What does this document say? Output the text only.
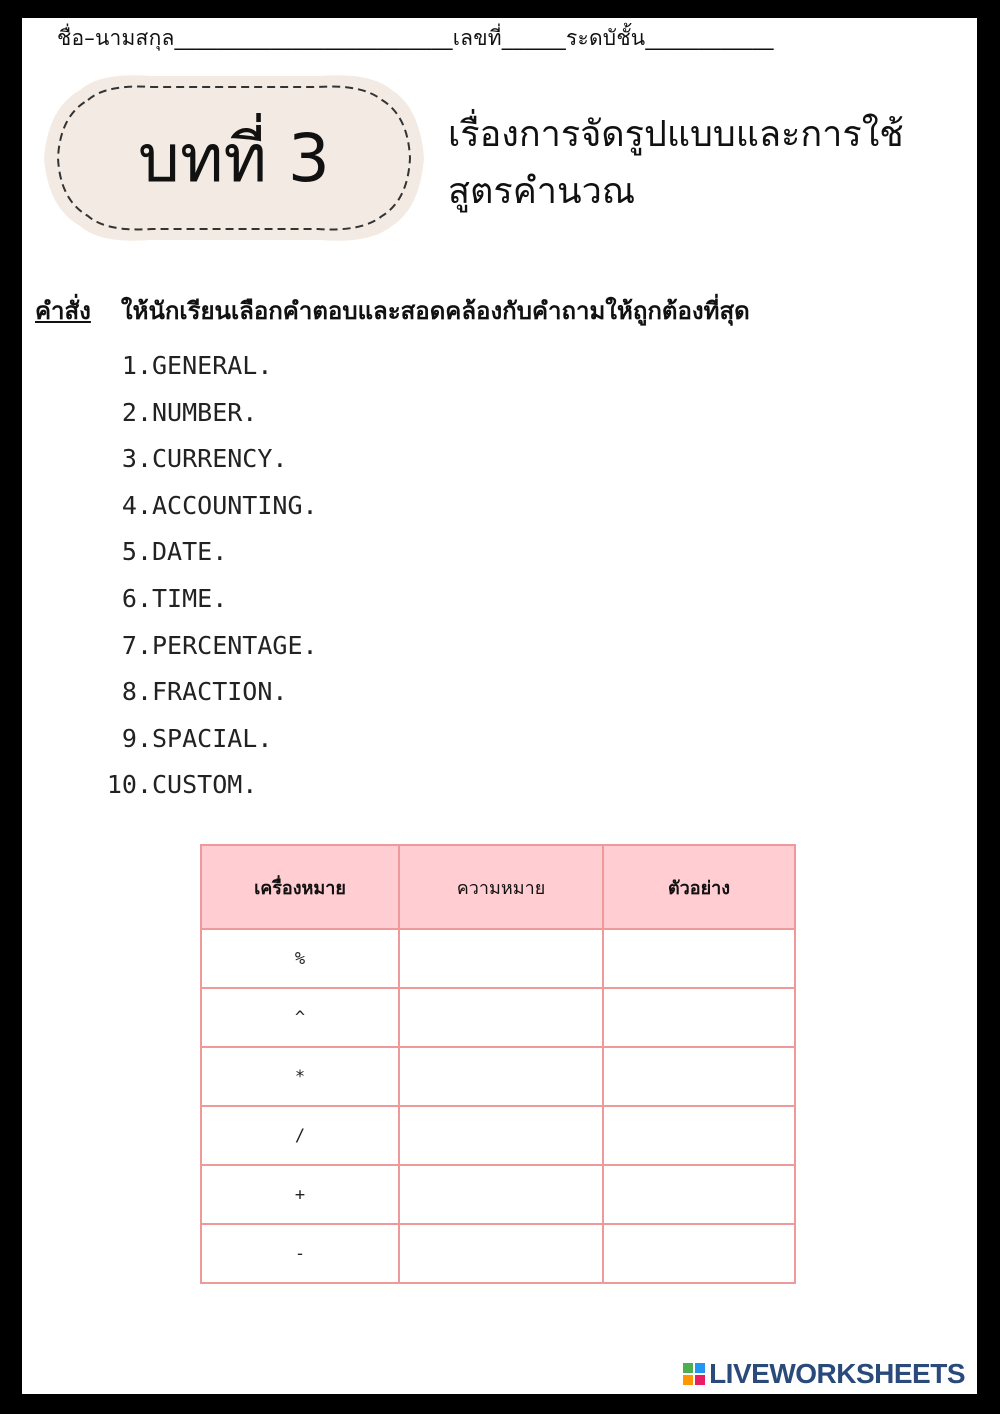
ชื่อ–นามสกุล__________________________เลขที่______ระดบัชั้น____________
บทที่ 3	เรื่องการจัดรูปแบบและการใช้สูตรคำนวณ
คำสั่ง ให้นักเรียนเลือกคำตอบและสอดคล้องกับคำถามให้ถูกต้องที่สุด
1.GENERAL.
2.NUMBER.
3.CURRENCY.
4.ACCOUNTING.
5.DATE.
6.TIME.
7.PERCENTAGE.
8.FRACTION.
9.SPACIAL.
10.CUSTOM.
เครื่องหมาย	ความหมาย	ตัวอย่าง
%		
^		
*		
/		
+		
-		
LIVEWORKSHEETS
